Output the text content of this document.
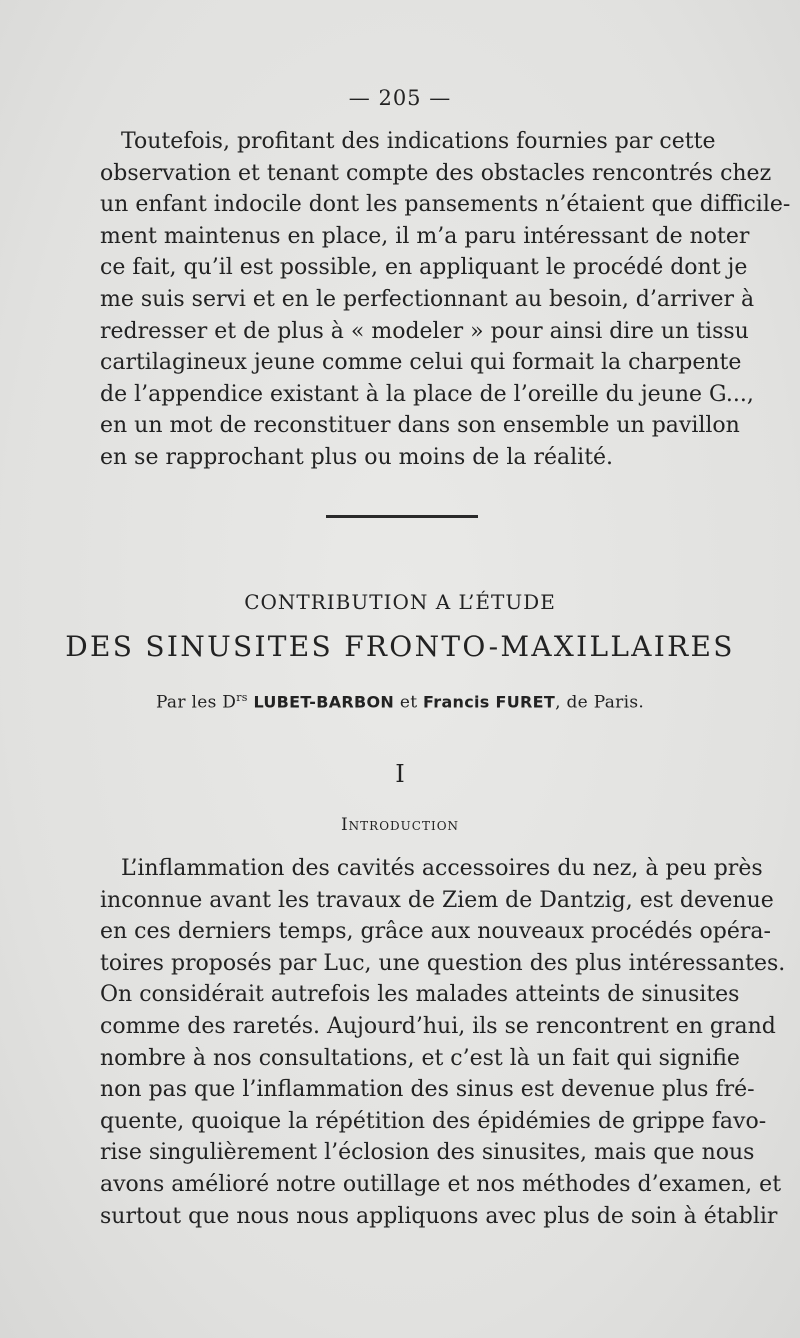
— 205 —
Toutefois, profitant des indications fournies par cette
observation et tenant compte des obstacles rencontrés chez
un enfant indocile dont les pansements n’étaient que difficile-
ment maintenus en place, il m’a paru intéressant de noter
ce fait, qu’il est possible, en appliquant le procédé dont je
me suis servi et en le perfectionnant au besoin, d’arriver à
redresser et de plus à « modeler » pour ainsi dire un tissu
cartilagineux jeune comme celui qui formait la charpente
de l’appendice existant à la place de l’oreille du jeune G...,
en un mot de reconstituer dans son ensemble un pavillon
en se rapprochant plus ou moins de la réalité.
CONTRIBUTION A L’ÉTUDE
DES SINUSITES FRONTO-MAXILLAIRES
Par les $D^{rs}$ LUBET-BARBON et Francis FURET, de Paris.
I
Introduction
L’inflammation des cavités accessoires du nez, à peu près
inconnue avant les travaux de Ziem de Dantzig, est devenue
en ces derniers temps, grâce aux nouveaux procédés opéra-
toires proposés par Luc, une question des plus intéressantes.
On considérait autrefois les malades atteints de sinusites
comme des raretés. Aujourd’hui, ils se rencontrent en grand
nombre à nos consultations, et c’est là un fait qui signifie
non pas que l’inflammation des sinus est devenue plus fré-
quente, quoique la répétition des épidémies de grippe favo-
rise singulièrement l’éclosion des sinusites, mais que nous
avons amélioré notre outillage et nos méthodes d’examen, et
surtout que nous nous appliquons avec plus de soin à établir
